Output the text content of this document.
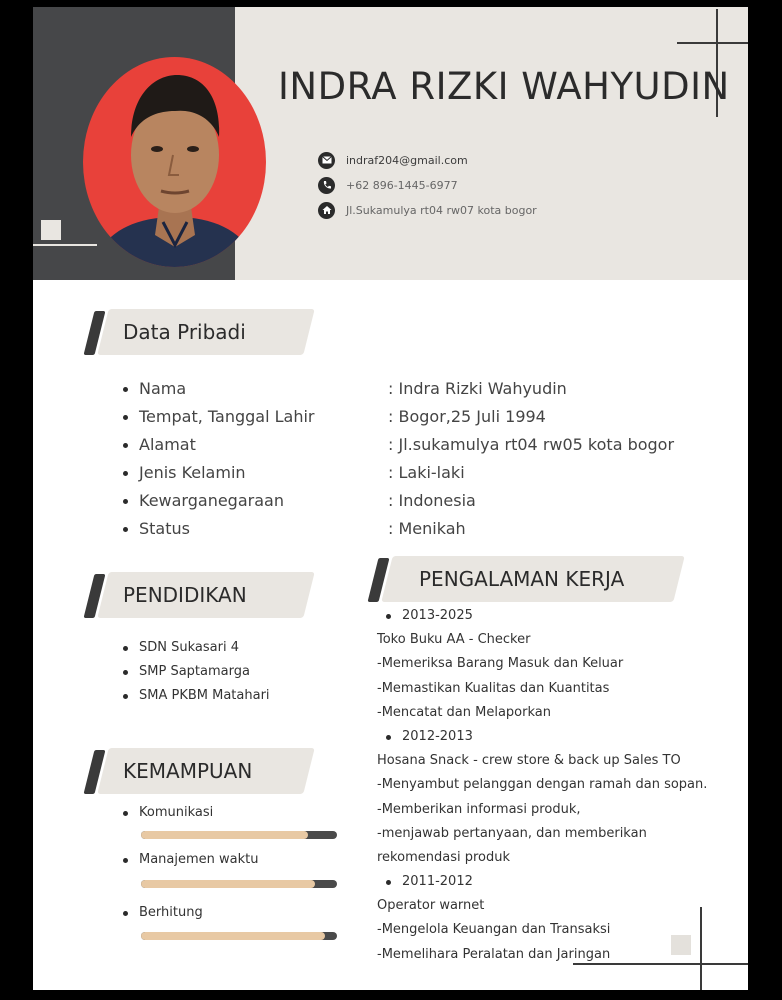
INDRA RIZKI WAHYUDIN
indraf204@gmail.com
+62 896-1445-6977
Jl.Sukamulya rt04 rw07 kota bogor
Data Pribadi
Nama
Tempat, Tanggal Lahir
Alamat
Jenis Kelamin
Kewarganegaraan
Status
: Indra Rizki Wahyudin
: Bogor,25 Juli 1994
: Jl.sukamulya rt04 rw05 kota bogor
: Laki-laki
: Indonesia
: Menikah
PENDIDIKAN
SDN Sukasari 4
SMP Saptamarga
SMA PKBM Matahari
KEMAMPUAN
Komunikasi
Manajemen waktu
Berhitung
PENGALAMAN KERJA
2013-2025
Toko Buku AA - Checker
-Memeriksa Barang Masuk dan Keluar
-Memastikan Kualitas dan Kuantitas
-Mencatat dan Melaporkan
2012-2013
Hosana Snack - crew store & back up Sales TO
-Menyambut pelanggan dengan ramah dan sopan.
-Memberikan informasi produk,
-menjawab pertanyaan, dan memberikan
rekomendasi produk
2011-2012
Operator warnet
-Mengelola Keuangan dan Transaksi
-Memelihara Peralatan dan Jaringan
